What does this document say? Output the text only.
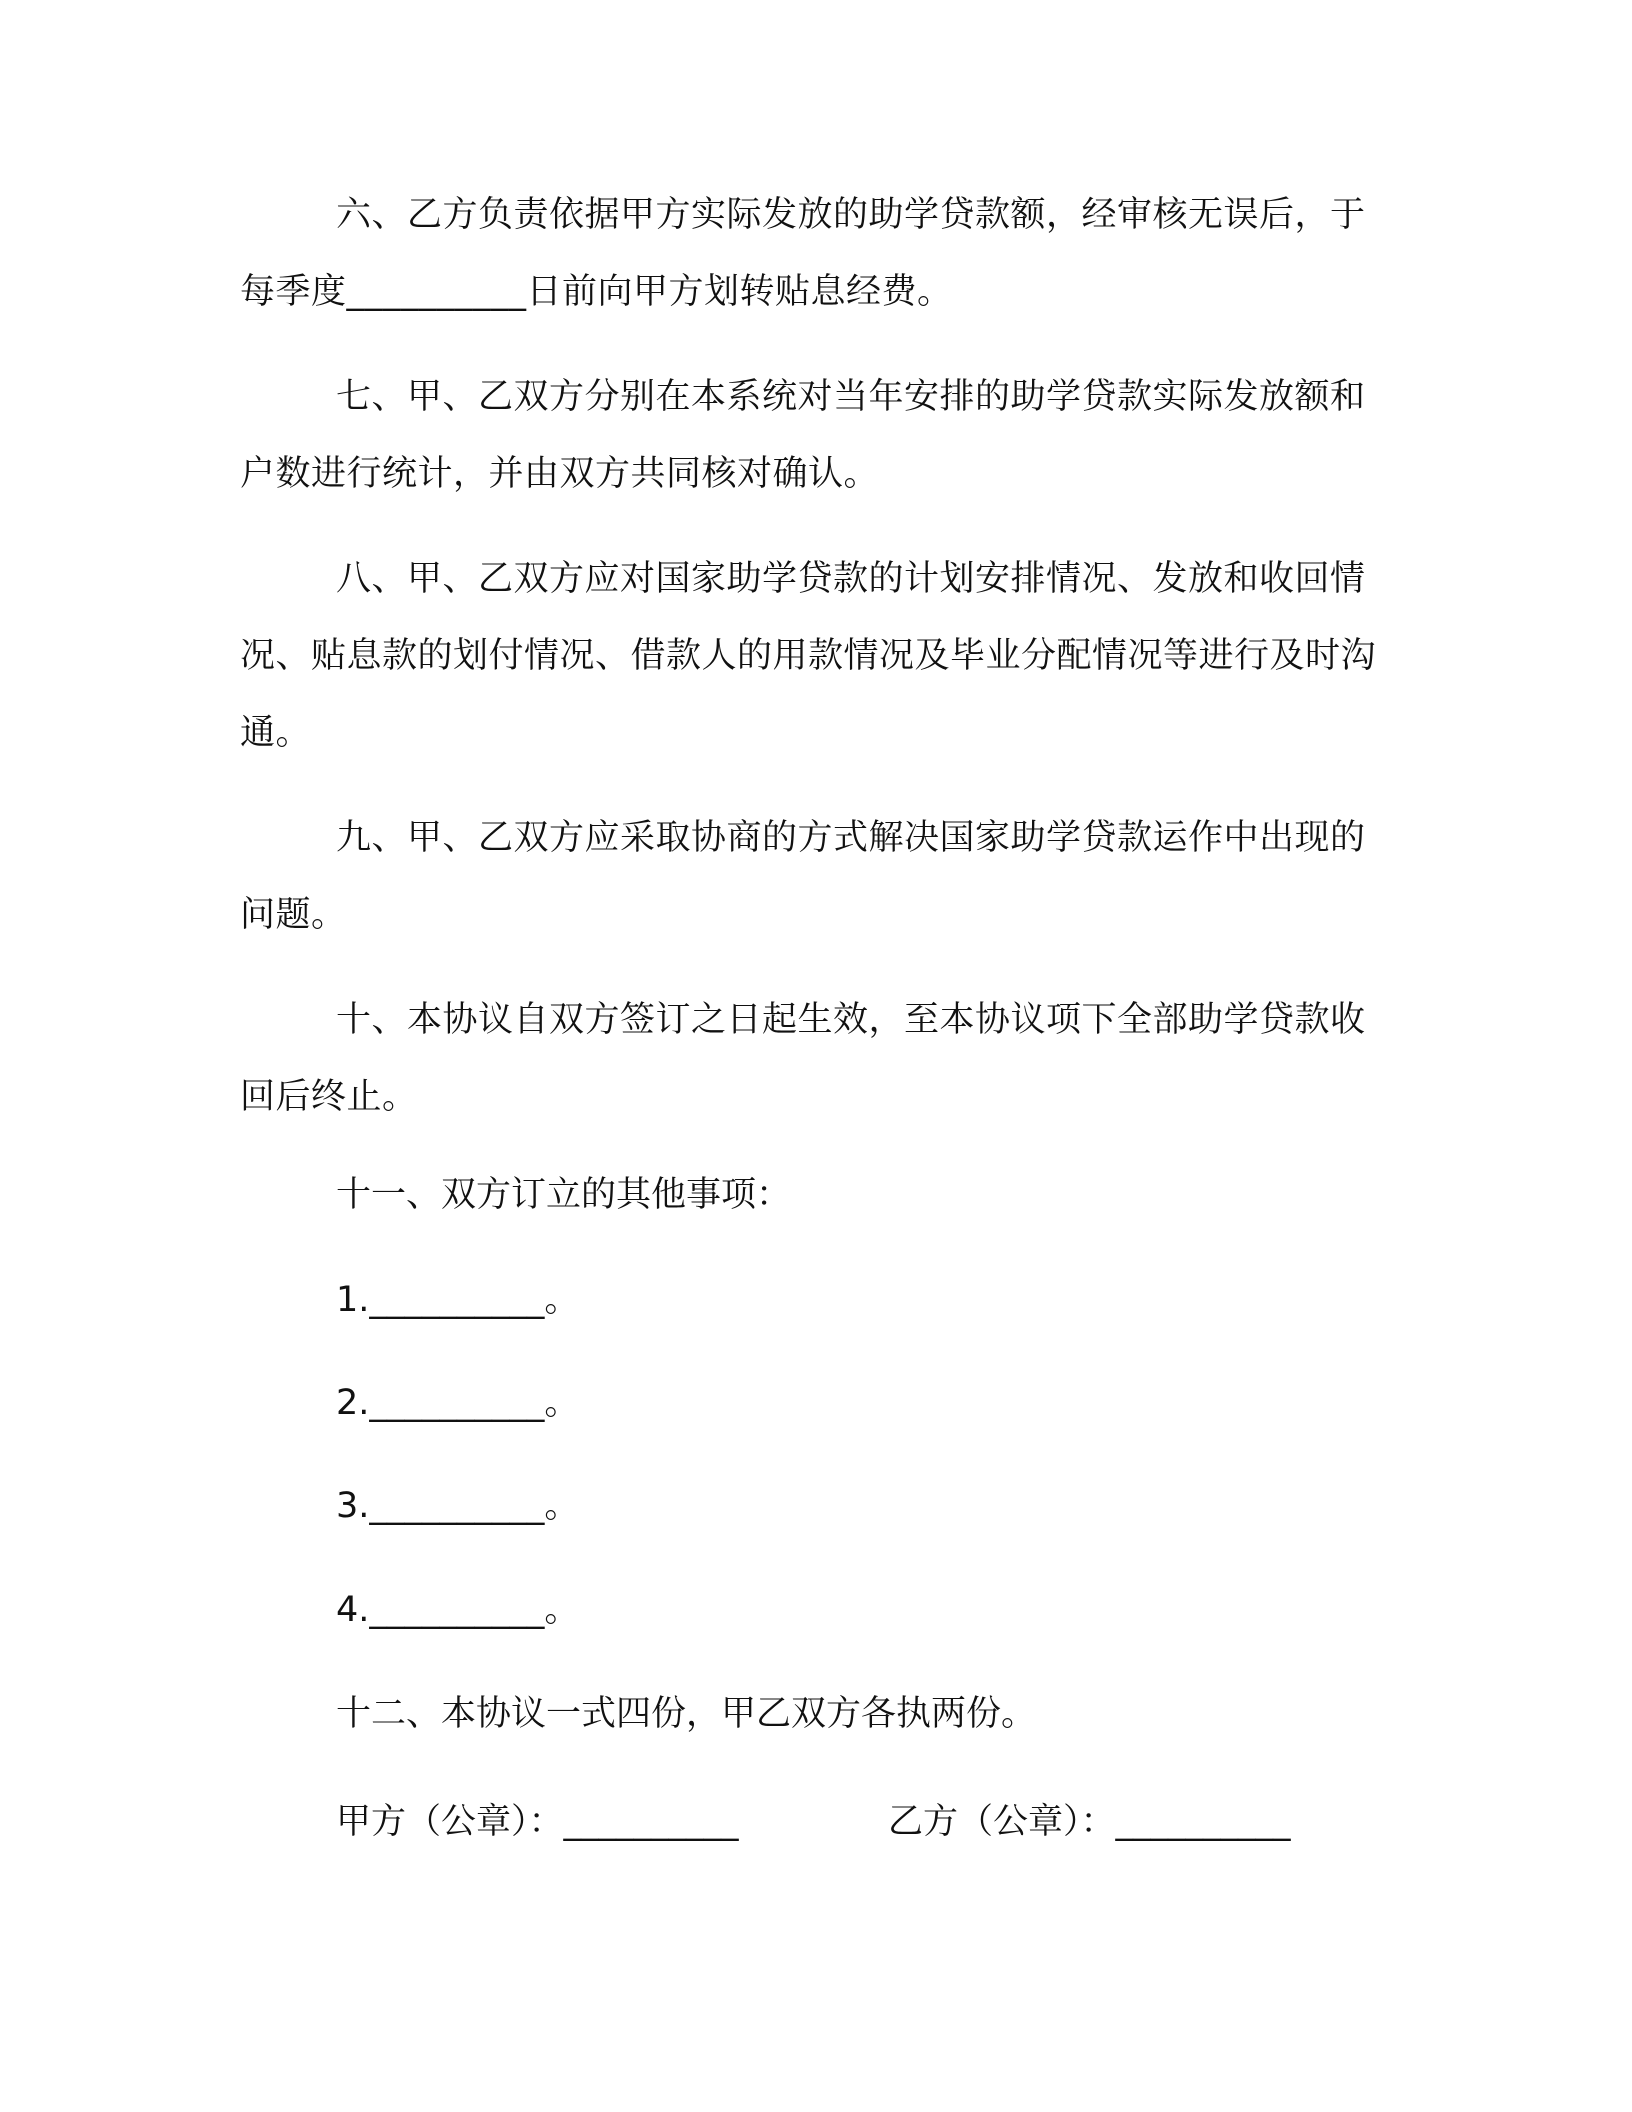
六、乙方负责依据甲方实际发放的助学贷款额，经审核无误后，于每季度__________日前向甲方划转贴息经费。

七、甲、乙双方分别在本系统对当年安排的助学贷款实际发放额和户数进行统计，并由双方共同核对确认。

八、甲、乙双方应对国家助学贷款的计划安排情况、发放和收回情况、贴息款的划付情况、借款人的用款情况及毕业分配情况等进行及时沟通。

九、甲、乙双方应采取协商的方式解决国家助学贷款运作中出现的问题。

十、本协议自双方签订之日起生效，至本协议项下全部助学贷款收回后终止。

十一、双方订立的其他事项：

1.__________。

2.__________。

3.__________。

4.__________。

十二、本协议一式四份，甲乙双方各执两份。

甲方（公章）：__________	乙方（公章）：__________
